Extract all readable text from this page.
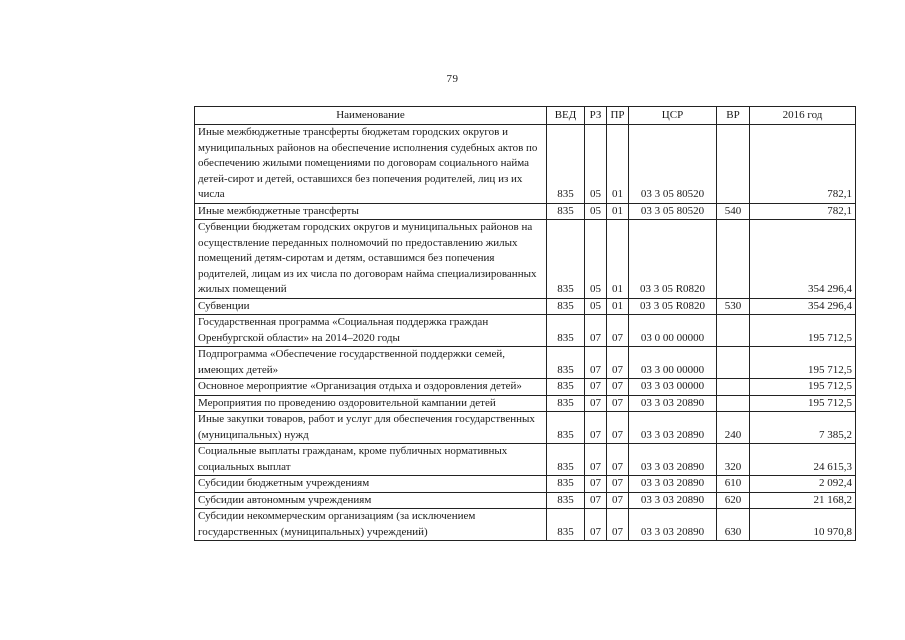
79
Наименование	ВЕД	РЗ	ПР	ЦСР	ВР	2016 год
Иные межбюджетные трансферты бюджетам городских округов и муниципальных районов на обеспечение исполнения судебных актов по обеспечению жилыми помещениями по договорам социального найма детей-сирот и детей, оставшихся без попечения родителей, лиц из их числа	835	05	01	03 3 05 80520		782,1
Иные межбюджетные трансферты	835	05	01	03 3 05 80520	540	782,1
Субвенции бюджетам городских округов и муниципальных районов на осуществление переданных полномочий по предоставлению жилых помещений детям-сиротам и детям, оставшимся без попечения родителей, лицам из их числа по договорам найма специализированных жилых помещений	835	05	01	03 3 05 R0820		354 296,4
Субвенции	835	05	01	03 3 05 R0820	530	354 296,4
Государственная программа «Социальная поддержка граждан Оренбургской области» на 2014–2020 годы	835	07	07	03 0 00 00000		195 712,5
Подпрограмма «Обеспечение государственной поддержки семей, имеющих детей»	835	07	07	03 3 00 00000		195 712,5
Основное мероприятие «Организация отдыха и оздоровления детей»	835	07	07	03 3 03 00000		195 712,5
Мероприятия по проведению оздоровительной кампании детей	835	07	07	03 3 03 20890		195 712,5
Иные закупки товаров, работ и услуг для обеспечения государственных (муниципальных) нужд	835	07	07	03 3 03 20890	240	7 385,2
Социальные выплаты гражданам, кроме публичных нормативных социальных выплат	835	07	07	03 3 03 20890	320	24 615,3
Субсидии бюджетным учреждениям	835	07	07	03 3 03 20890	610	2 092,4
Субсидии автономным учреждениям	835	07	07	03 3 03 20890	620	21 168,2
Субсидии некоммерческим организациям (за исключением государственных (муниципальных) учреждений)	835	07	07	03 3 03 20890	630	10 970,8
